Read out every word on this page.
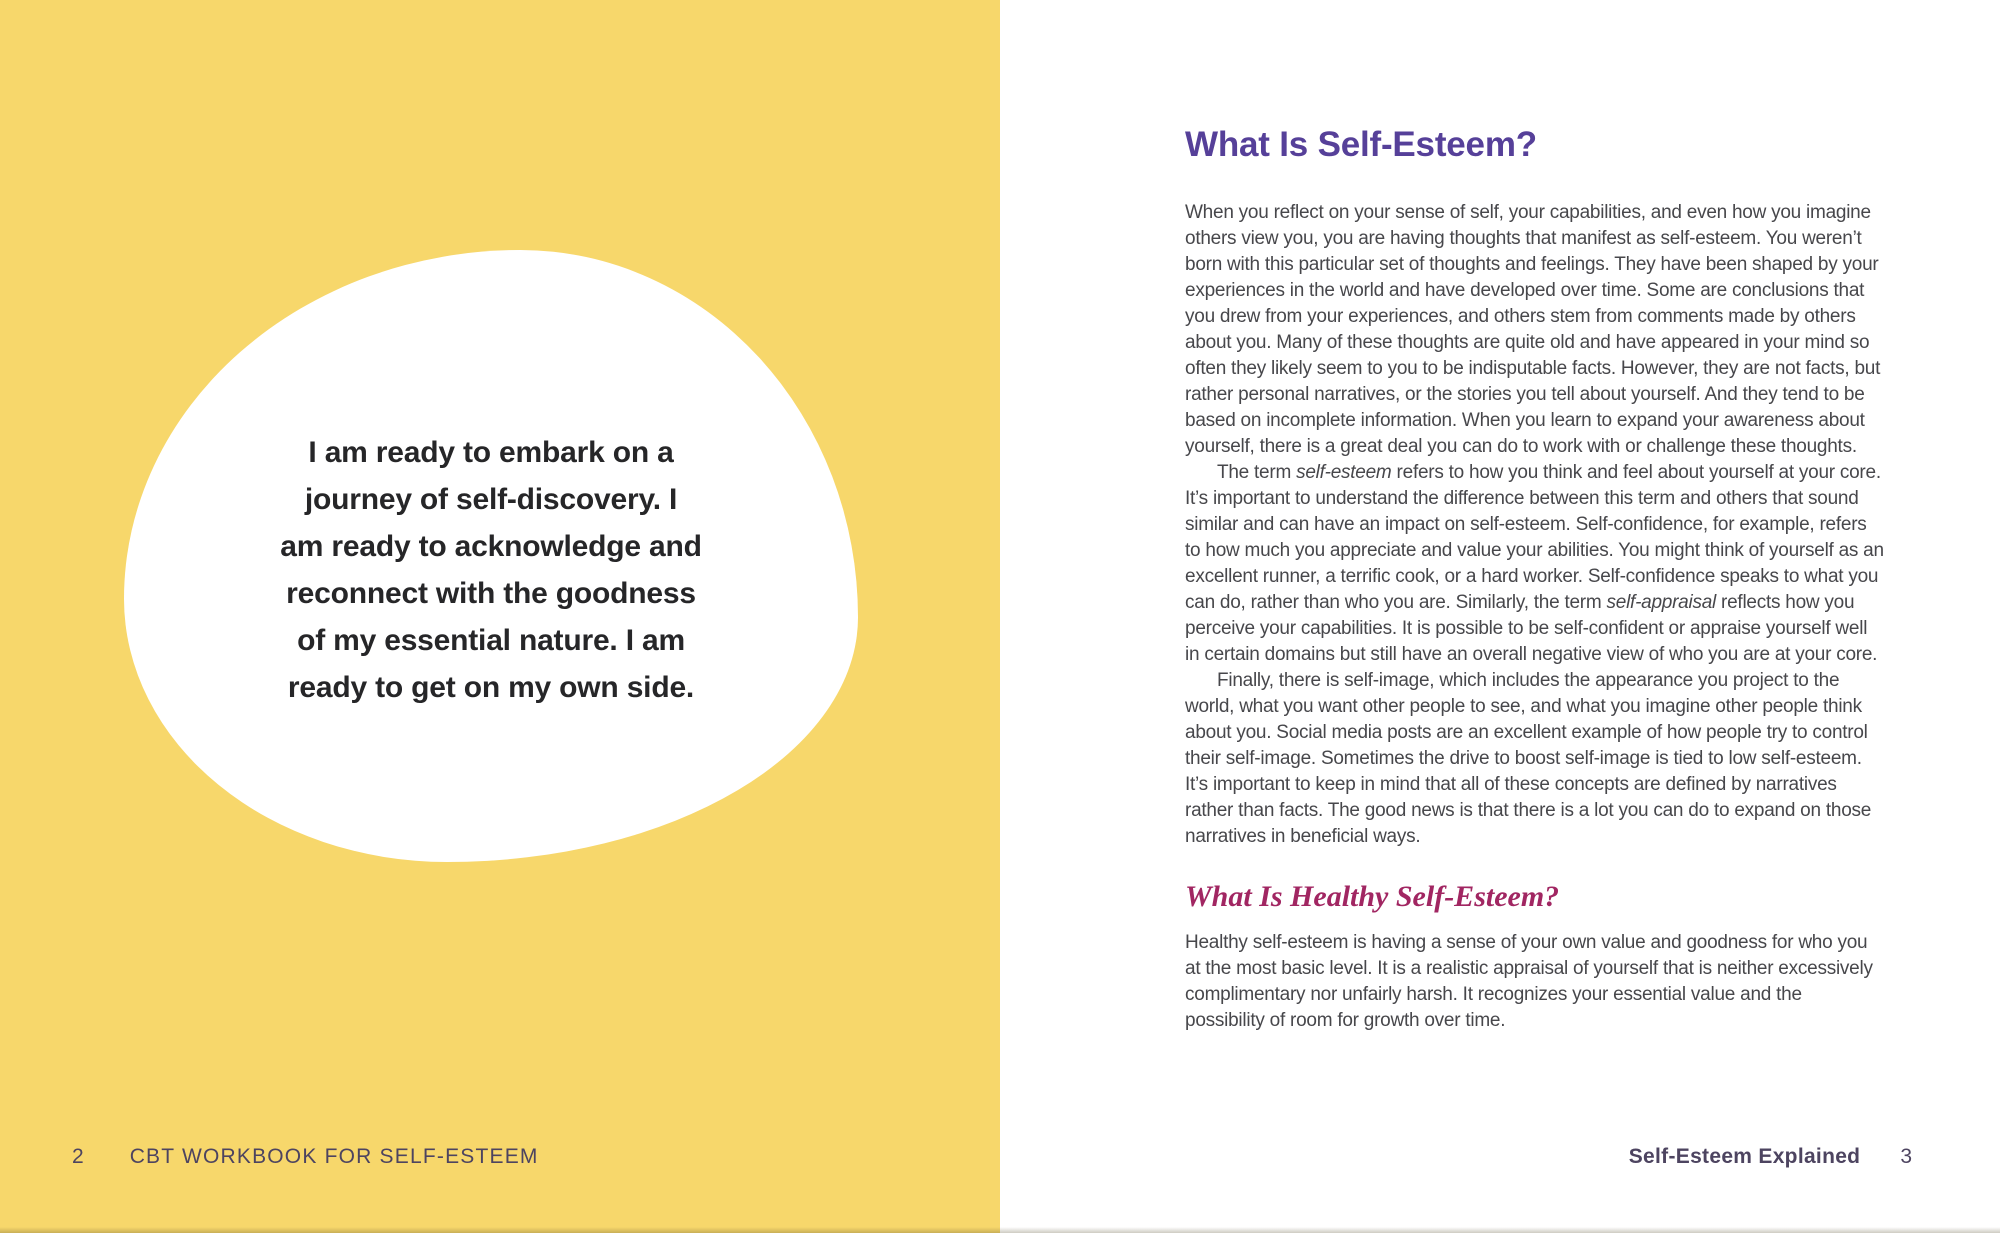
I am ready to embark on a
journey of self-discovery. I
am ready to acknowledge and
reconnect with the goodness
of my essential nature. I am
ready to get on my own side.
2 CBT WORKBOOK FOR SELF-ESTEEM
What Is Self-Esteem?

When you reflect on your sense of self, your capabilities, and even how you imagine others view you, you are having thoughts that manifest as self-esteem. You weren’t born with this particular set of thoughts and feelings. They have been shaped by your experiences in the world and have developed over time. Some are conclusions that you drew from your experiences, and others stem from comments made by others about you. Many of these thoughts are quite old and have appeared in your mind so often they likely seem to you to be indisputable facts. However, they are not facts, but rather personal narratives, or the stories you tell about yourself. And they tend to be based on incomplete information. When you learn to expand your awareness about yourself, there is a great deal you can do to work with or challenge these thoughts.

The term self-esteem refers to how you think and feel about yourself at your core. It’s important to understand the difference between this term and others that sound similar and can have an impact on self-esteem. Self-confidence, for example, refers to how much you appreciate and value your abilities. You might think of yourself as an excellent runner, a terrific cook, or a hard worker. Self-confidence speaks to what you can do, rather than who you are. Similarly, the term self-appraisal reflects how you perceive your capabilities. It is possible to be self-confident or appraise yourself well in certain domains but still have an overall negative view of who you are at your core.

Finally, there is self-image, which includes the appearance you project to the world, what you want other people to see, and what you imagine other people think about you. Social media posts are an excellent example of how people try to control their self-image. Sometimes the drive to boost self-image is tied to low self-esteem. It’s important to keep in mind that all of these concepts are defined by narratives rather than facts. The good news is that there is a lot you can do to expand on those narratives in beneficial ways.

What Is Healthy Self-Esteem?

Healthy self-esteem is having a sense of your own value and goodness for who you at the most basic level. It is a realistic appraisal of yourself that is neither excessively complimentary nor unfairly harsh. It recognizes your essential value and the possibility of room for growth over time.

Self-Esteem Explained 3
